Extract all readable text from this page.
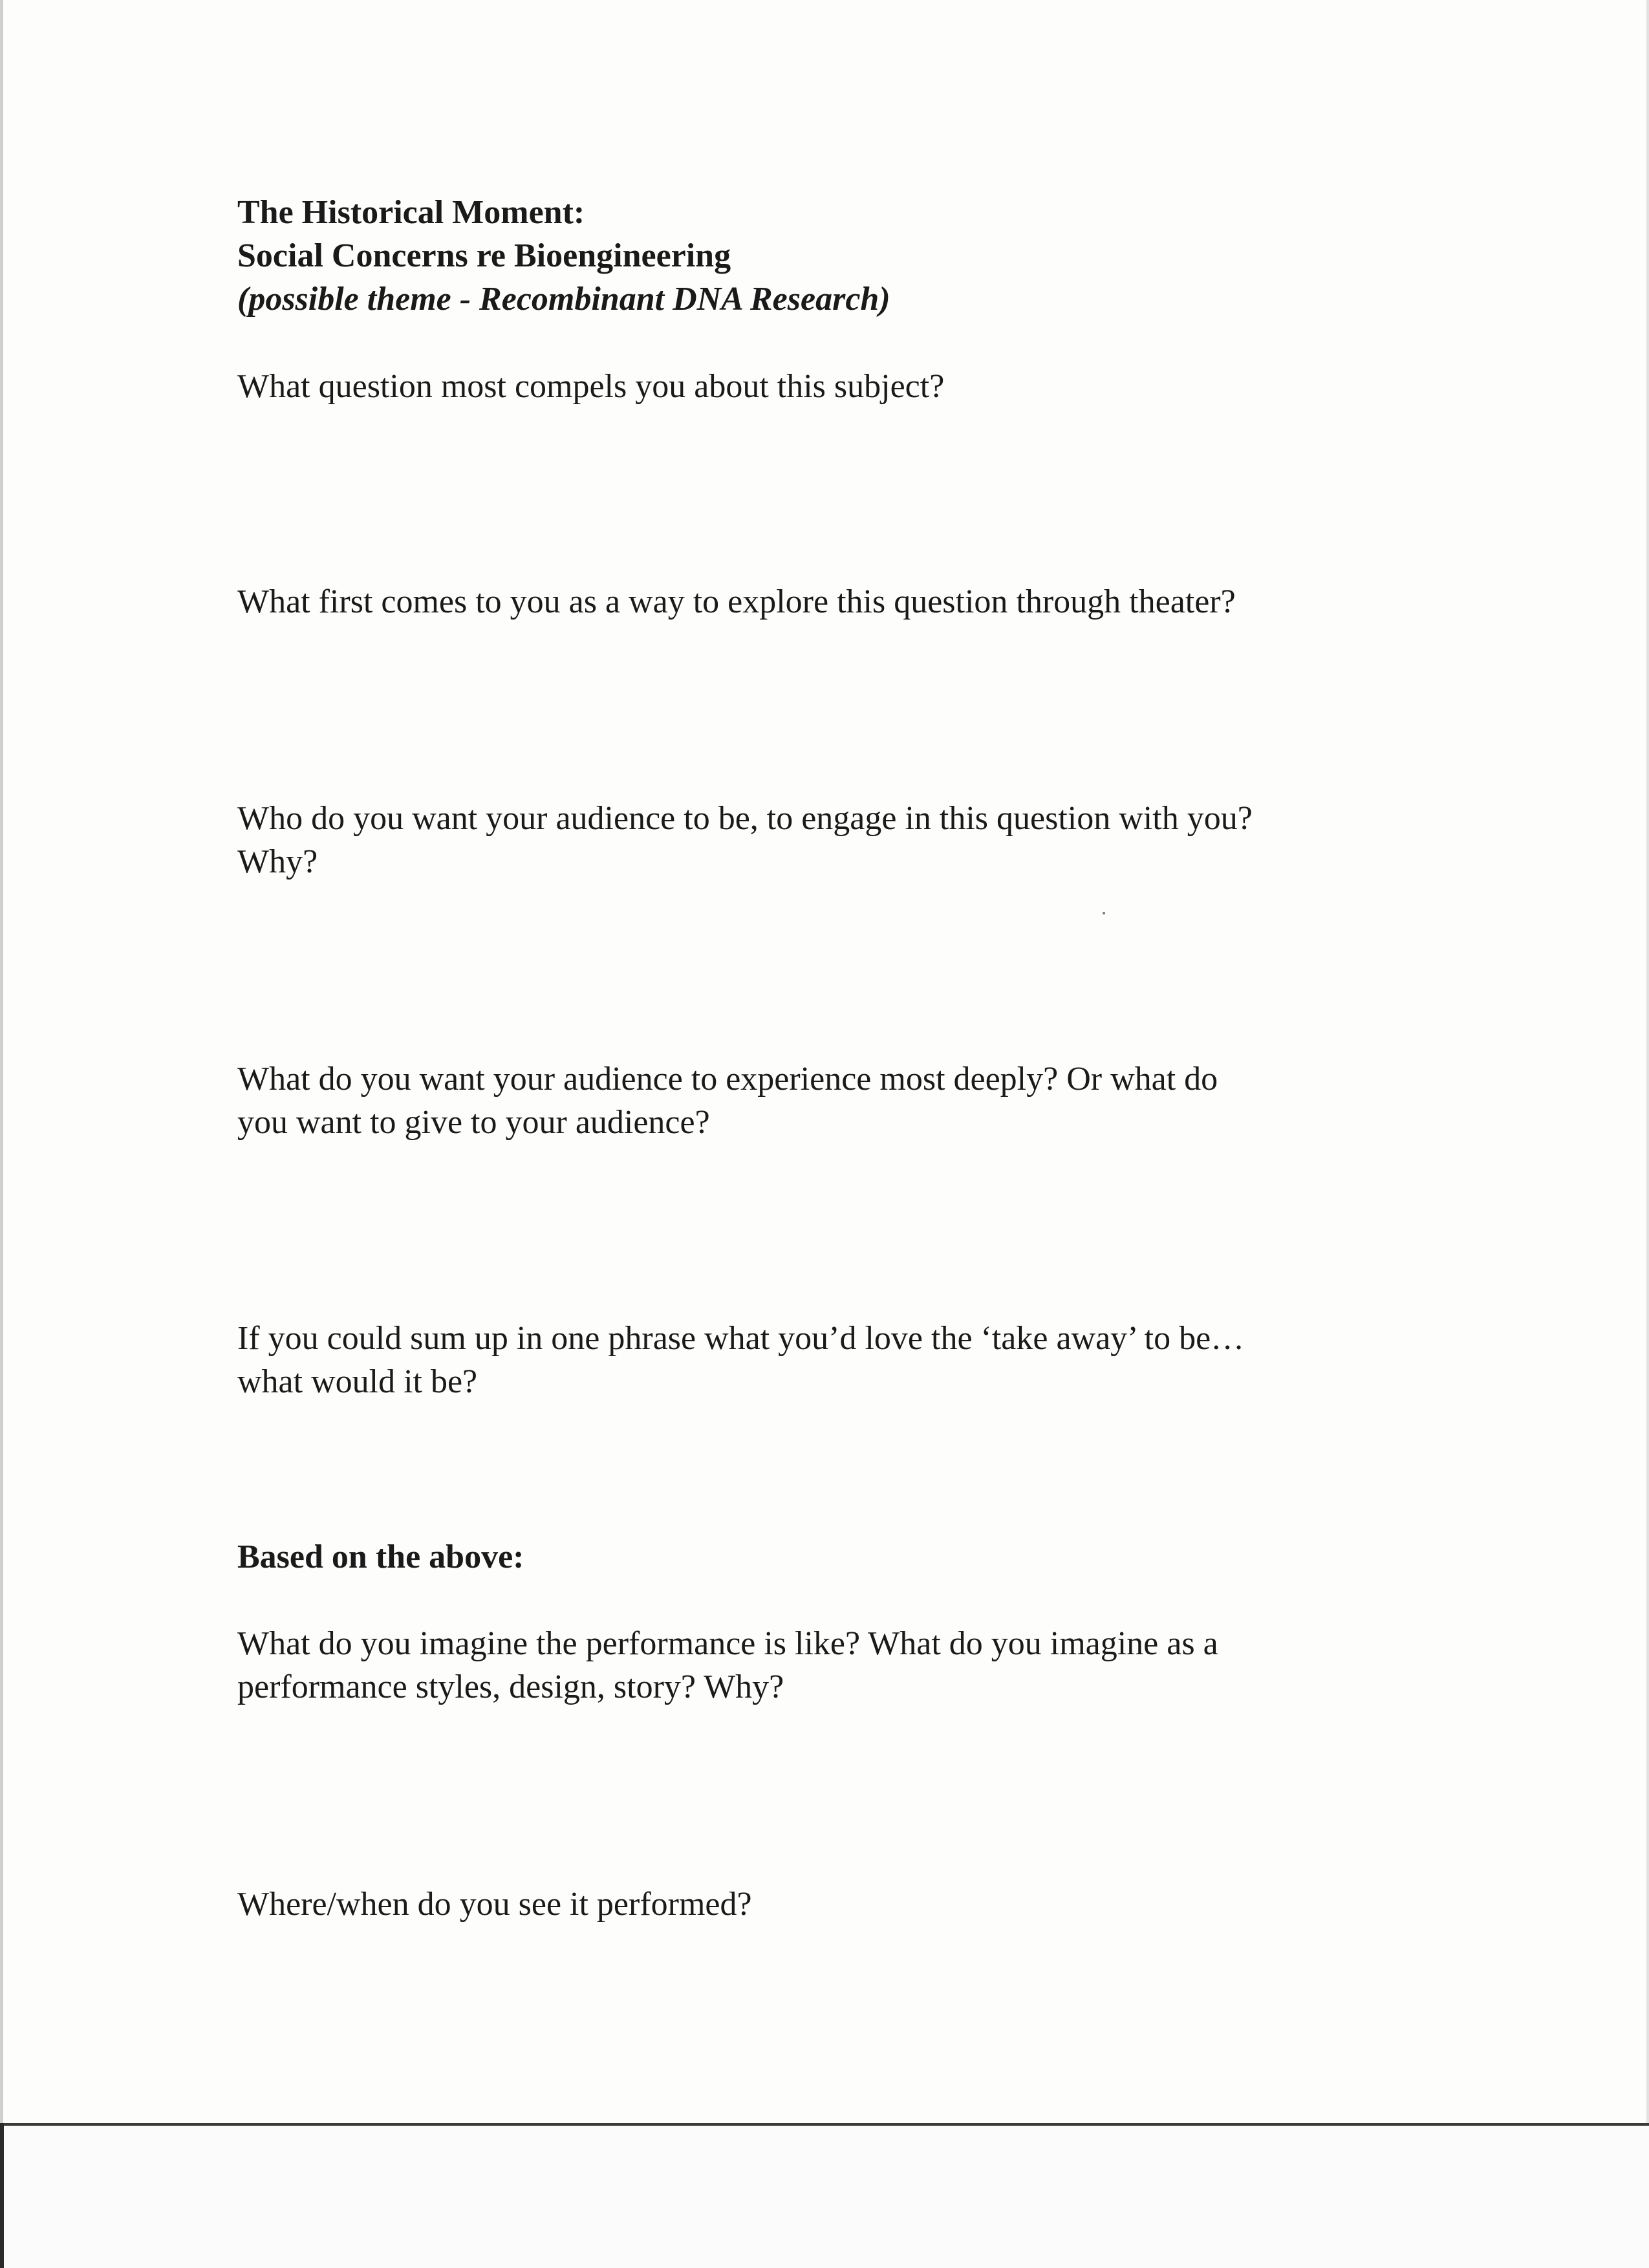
The Historical Moment:

Social Concerns re Bioengineering

(possible theme - Recombinant DNA Research)

What question most compels you about this subject?

What first comes to you as a way to explore this question through theater?

Who do you want your audience to be, to engage in this question with you?

Why?

What do you want your audience to experience most deeply? Or what do

you want to give to your audience?

If you could sum up in one phrase what you’d love the ‘take away’ to be…

what would it be?

Based on the above:

What do you imagine the performance is like? What do you imagine as a

performance styles, design, story? Why?

Where/when do you see it performed?
